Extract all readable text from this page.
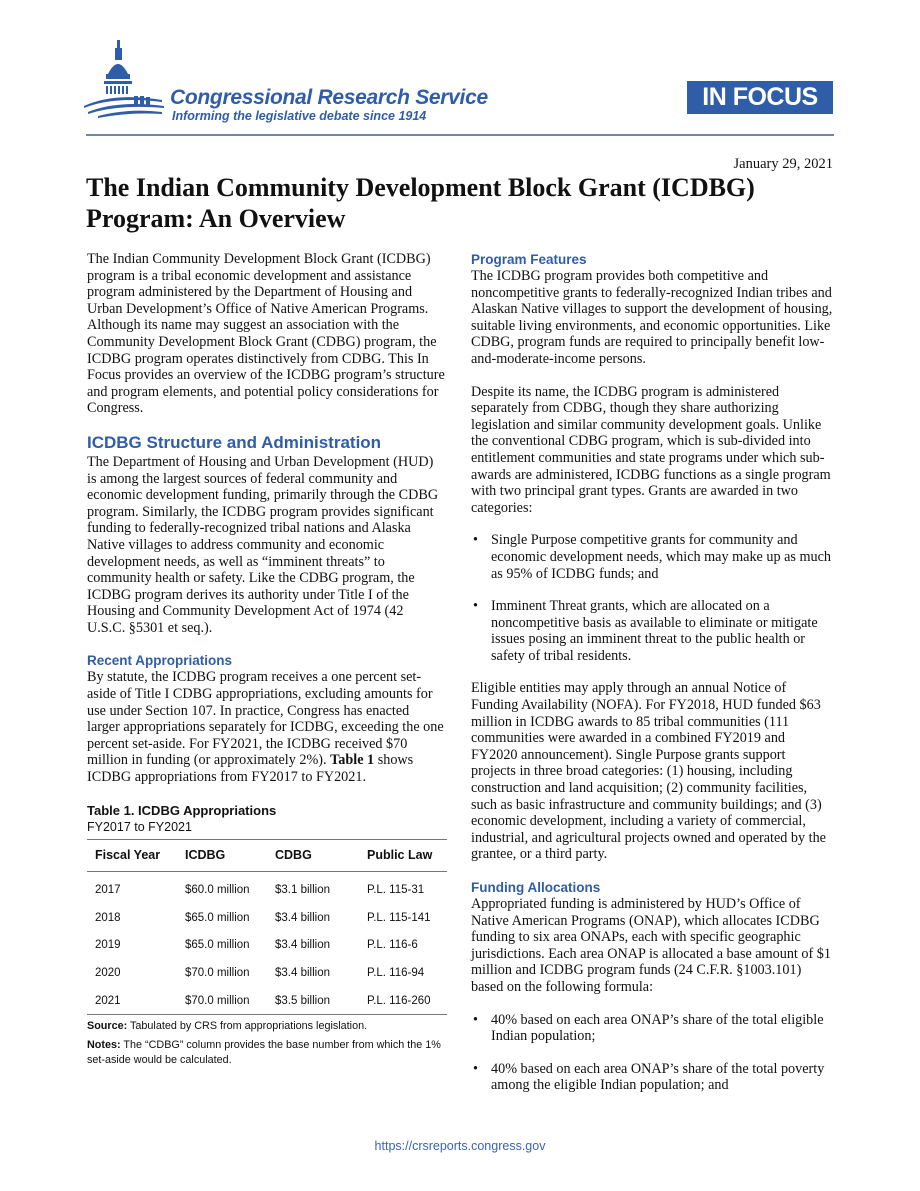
Congressional Research Service
Informing the legislative debate since 1914
IN FOCUS
January 29, 2021
The Indian Community Development Block Grant (ICDBG) Program: An Overview

The Indian Community Development Block Grant (ICDBG) program is a tribal economic development and assistance program administered by the Department of Housing and Urban Development’s Office of Native American Programs. Although its name may suggest an association with the Community Development Block Grant (CDBG) program, the ICDBG program operates distinctively from CDBG. This In Focus provides an overview of the ICDBG program’s structure and program elements, and potential policy considerations for Congress.

ICDBG Structure and Administration

The Department of Housing and Urban Development (HUD) is among the largest sources of federal community and economic development funding, primarily through the CDBG program. Similarly, the ICDBG program provides significant funding to federally-recognized tribal nations and Alaska Native villages to address community and economic development needs, as well as “imminent threats” to community health or safety. Like the CDBG program, the ICDBG program derives its authority under Title I of the Housing and Community Development Act of 1974 (42 U.S.C. §5301 et seq.).

Recent Appropriations

By statute, the ICDBG program receives a one percent set-aside of Title I CDBG appropriations, excluding amounts for use under Section 107. In practice, Congress has enacted larger appropriations separately for ICDBG, exceeding the one percent set-aside. For FY2021, the ICDBG received $70 million in funding (or approximately 2%). Table 1 shows ICDBG appropriations from FY2017 to FY2021.

Table 1. ICDBG Appropriations
FY2017 to FY2021
Fiscal Year	ICDBG	CDBG	Public Law
2017	$60.0 million	$3.1 billion	P.L. 115-31
2018	$65.0 million	$3.4 billion	P.L. 115-141
2019	$65.0 million	$3.4 billion	P.L. 116-6
2020	$70.0 million	$3.4 billion	P.L. 116-94
2021	$70.0 million	$3.5 billion	P.L. 116-260
Source: Tabulated by CRS from appropriations legislation.
Notes: The “CDBG” column provides the base number from which the 1% set-aside would be calculated.
Program Features

The ICDBG program provides both competitive and noncompetitive grants to federally-recognized Indian tribes and Alaskan Native villages to support the development of housing, suitable living environments, and economic opportunities. Like CDBG, program funds are required to principally benefit low-and-moderate-income persons.

Despite its name, the ICDBG program is administered separately from CDBG, though they share authorizing legislation and similar community development goals. Unlike the conventional CDBG program, which is sub-divided into entitlement communities and state programs under which sub-awards are administered, ICDBG functions as a single program with two principal grant types. Grants are awarded in two categories:

• Single Purpose competitive grants for community and economic development needs, which may make up as much as 95% of ICDBG funds; and
• Imminent Threat grants, which are allocated on a noncompetitive basis as available to eliminate or mitigate issues posing an imminent threat to the public health or safety of tribal residents.

Eligible entities may apply through an annual Notice of Funding Availability (NOFA). For FY2018, HUD funded $63 million in ICDBG awards to 85 tribal communities (111 communities were awarded in a combined FY2019 and FY2020 announcement). Single Purpose grants support projects in three broad categories: (1) housing, including construction and land acquisition; (2) community facilities, such as basic infrastructure and community buildings; and (3) economic development, including a variety of commercial, industrial, and agricultural projects owned and operated by the grantee, or a third party.

Funding Allocations

Appropriated funding is administered by HUD’s Office of Native American Programs (ONAP), which allocates ICDBG funding to six area ONAPs, each with specific geographic jurisdictions. Each area ONAP is allocated a base amount of $1 million and ICDBG program funds (24 C.F.R. §1003.101) based on the following formula:

• 40% based on each area ONAP’s share of the total eligible Indian population;
• 40% based on each area ONAP’s share of the total poverty among the eligible Indian population; and
https://crsreports.congress.gov
